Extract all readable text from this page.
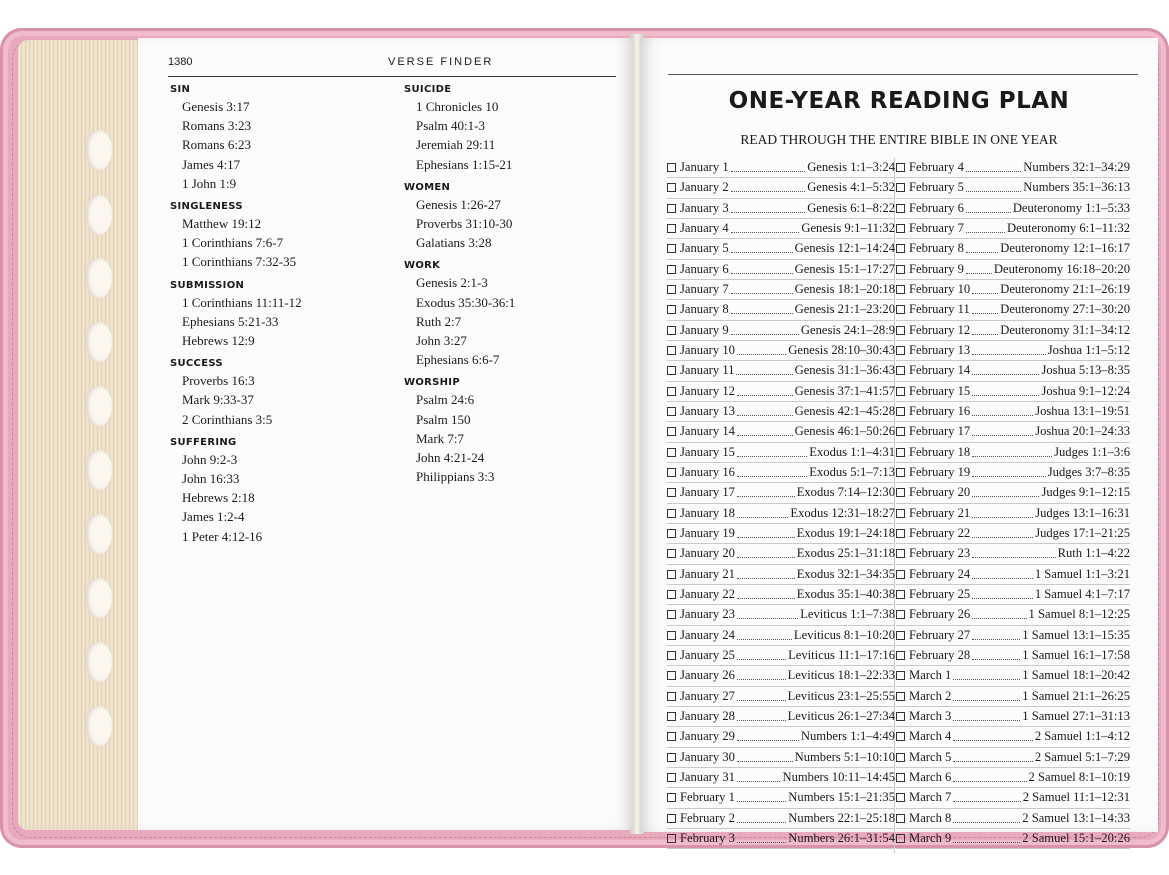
1380	VERSE FINDER

SIN
Genesis 3:17
Romans 3:23
Romans 6:23
James 4:17
1 John 1:9
SINGLENESS
Matthew 19:12
1 Corinthians 7:6-7
1 Corinthians 7:32-35
SUBMISSION
1 Corinthians 11:11-12
Ephesians 5:21-33
Hebrews 12:9
SUCCESS
Proverbs 16:3
Mark 9:33-37
2 Corinthians 3:5
SUFFERING
John 9:2-3
John 16:33
Hebrews 2:18
James 1:2-4
1 Peter 4:12-16
SUICIDE
1 Chronicles 10
Psalm 40:1-3
Jeremiah 29:11
Ephesians 1:15-21
WOMEN
Genesis 1:26-27
Proverbs 31:10-30
Galatians 3:28
WORK
Genesis 2:1-3
Exodus 35:30-36:1
Ruth 2:7
John 3:27
Ephesians 6:6-7
WORSHIP
Psalm 24:6
Psalm 150
Mark 7:7
John 4:21-24
Philippians 3:3
ONE-YEAR READING PLAN
READ THROUGH THE ENTIRE BIBLE IN ONE YEAR
January 1	Genesis 1:1–3:24
January 2	Genesis 4:1–5:32
January 3	Genesis 6:1–8:22
January 4	Genesis 9:1–11:32
January 5	Genesis 12:1–14:24
January 6	Genesis 15:1–17:27
January 7	Genesis 18:1–20:18
January 8	Genesis 21:1–23:20
January 9	Genesis 24:1–28:9
January 10	Genesis 28:10–30:43
January 11	Genesis 31:1–36:43
January 12	Genesis 37:1–41:57
January 13	Genesis 42:1–45:28
January 14	Genesis 46:1–50:26
January 15	Exodus 1:1–4:31
January 16	Exodus 5:1–7:13
January 17	Exodus 7:14–12:30
January 18	Exodus 12:31–18:27
January 19	Exodus 19:1–24:18
January 20	Exodus 25:1–31:18
January 21	Exodus 32:1–34:35
January 22	Exodus 35:1–40:38
January 23	Leviticus 1:1–7:38
January 24	Leviticus 8:1–10:20
January 25	Leviticus 11:1–17:16
January 26	Leviticus 18:1–22:33
January 27	Leviticus 23:1–25:55
January 28	Leviticus 26:1–27:34
January 29	Numbers 1:1–4:49
January 30	Numbers 5:1–10:10
January 31	Numbers 10:11–14:45
February 1	Numbers 15:1–21:35
February 2	Numbers 22:1–25:18
February 3	Numbers 26:1–31:54
February 4	Numbers 32:1–34:29
February 5	Numbers 35:1–36:13
February 6	Deuteronomy 1:1–5:33
February 7	Deuteronomy 6:1–11:32
February 8	Deuteronomy 12:1–16:17
February 9 Deuteronomy 16:18–20:20
February 10 Deuteronomy 21:1–26:19
February 11 Deuteronomy 27:1–30:20
February 12 Deuteronomy 31:1–34:12
February 13	Joshua 1:1–5:12
February 14	Joshua 5:13–8:35
February 15	Joshua 9:1–12:24
February 16	Joshua 13:1–19:51
February 17	Joshua 20:1–24:33
February 18	Judges 1:1–3:6
February 19	Judges 3:7–8:35
February 20	Judges 9:1–12:15
February 21	Judges 13:1–16:31
February 22	Judges 17:1–21:25
February 23	Ruth 1:1–4:22
February 24	1 Samuel 1:1–3:21
February 25	1 Samuel 4:1–7:17
February 26	1 Samuel 8:1–12:25
February 27	1 Samuel 13:1–15:35
February 28	1 Samuel 16:1–17:58
March 1	1 Samuel 18:1–20:42
March 2	1 Samuel 21:1–26:25
March 3	1 Samuel 27:1–31:13
March 4	2 Samuel 1:1–4:12
March 5	2 Samuel 5:1–7:29
March 6	2 Samuel 8:1–10:19
March 7	2 Samuel 11:1–12:31
March 8	2 Samuel 13:1–14:33
March 9	2 Samuel 15:1–20:26
